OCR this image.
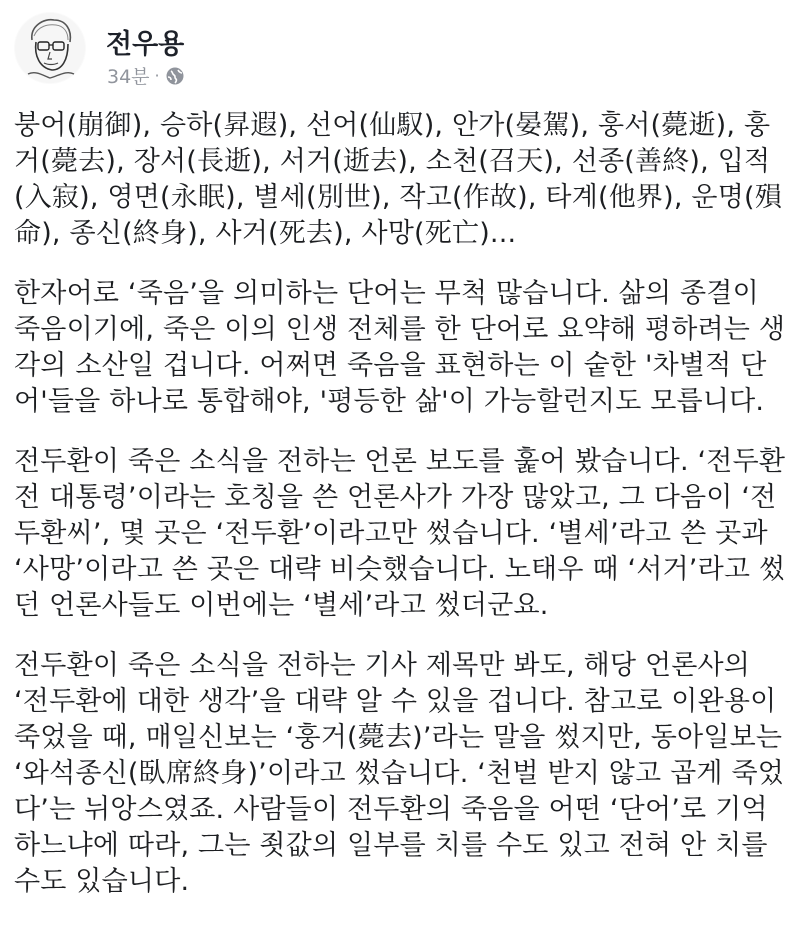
전우용
34분 ·

붕어(崩御), 승하(昇遐), 선어(仙馭), 안가(晏駕), 훙서(薨逝), 훙거(薨去), 장서(長逝), 서거(逝去), 소천(召天), 선종(善終), 입적(入寂), 영면(永眠), 별세(別世), 작고(作故), 타계(他界), 운명(殞命), 종신(終身), 사거(死去), 사망(死亡)...

한자어로 ‘죽음’을 의미하는 단어는 무척 많습니다. 삶의 종결이 죽음이기에, 죽은 이의 인생 전체를 한 단어로 요약해 평하려는 생각의 소산일 겁니다. 어쩌면 죽음을 표현하는 이 숱한 '차별적 단어'들을 하나로 통합해야, '평등한 삶'이 가능할런지도 모릅니다.

전두환이 죽은 소식을 전하는 언론 보도를 훑어 봤습니다. ‘전두환 전 대통령’이라는 호칭을 쓴 언론사가 가장 많았고, 그 다음이 ‘전두환씨’, 몇 곳은 ‘전두환’이라고만 썼습니다. ‘별세’라고 쓴 곳과 ‘사망’이라고 쓴 곳은 대략 비슷했습니다. 노태우 때 ‘서거’라고 썼던 언론사들도 이번에는 ‘별세’라고 썼더군요.

전두환이 죽은 소식을 전하는 기사 제목만 봐도, 해당 언론사의 ‘전두환에 대한 생각’을 대략 알 수 있을 겁니다. 참고로 이완용이 죽었을 때, 매일신보는 ‘훙거(薨去)’라는 말을 썼지만, 동아일보는 ‘와석종신(臥席終身)’이라고 썼습니다. ‘천벌 받지 않고 곱게 죽었다’는 뉘앙스였죠. 사람들이 전두환의 죽음을 어떤 ‘단어’로 기억하느냐에 따라, 그는 죗값의 일부를 치를 수도 있고 전혀 안 치를 수도 있습니다.
